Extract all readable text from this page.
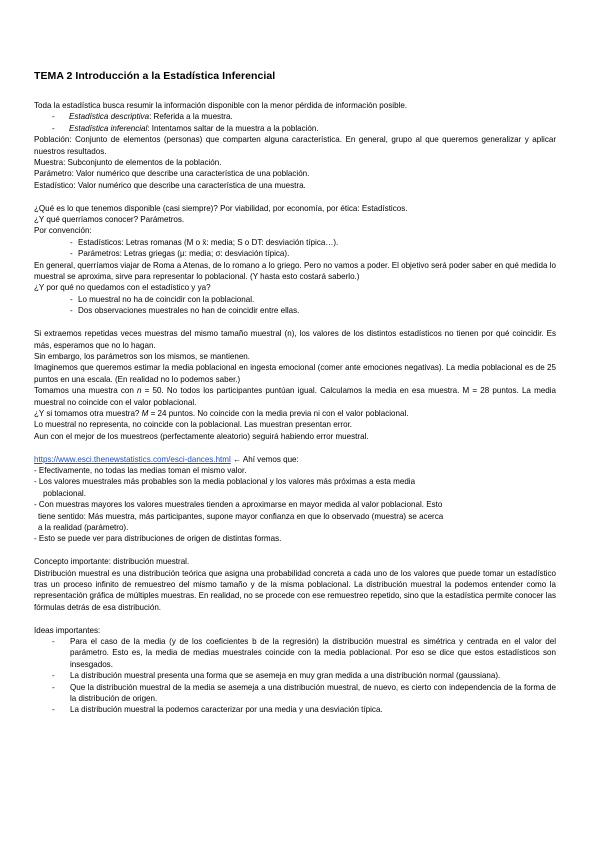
TEMA 2 Introducción a la Estadística Inferencial

Toda la estadística busca resumir la información disponible con la menor pérdida de información posible.

- Estadística descriptiva: Referida a la muestra.

- Estadística inferencial: Intentamos saltar de la muestra a la población.

Población: Conjunto de elementos (personas) que comparten alguna característica. En general, grupo al que queremos generalizar y aplicar nuestros resultados.

Muestra: Subconjunto de elementos de la población.

Parámetro: Valor numérico que describe una característica de una población.

Estadístico: Valor numérico que describe una característica de una muestra.

¿Qué es lo que tenemos disponible (casi siempre)? Por viabilidad, por economía, por ética: Estadísticos.

¿Y qué querríamos conocer? Parámetros.

Por convención:

- Estadísticos: Letras romanas (M o x̄: media; S o DT: desviación típica…).

- Parámetros: Letras griegas (μ: media; σ: desviación típica).

En general, querríamos viajar de Roma a Atenas, de lo romano a lo griego. Pero no vamos a poder. El objetivo será poder saber en qué medida lo muestral se aproxima, sirve para representar lo poblacional. (Y hasta esto costará saberlo.)

¿Y por qué no quedamos con el estadístico y ya?

- Lo muestral no ha de coincidir con la poblacional.

- Dos observaciones muestrales no han de coincidir entre ellas.

Si extraemos repetidas veces muestras del mismo tamaño muestral (n), los valores de los distintos estadísticos no tienen por qué coincidir. Es más, esperamos que no lo hagan.

Sin embargo, los parámetros son los mismos, se mantienen.

Imaginemos que queremos estimar la media poblacional en ingesta emocional (comer ante emociones negativas). La media poblacional es de 25 puntos en una escala. (En realidad no lo podemos saber.)

Tomamos una muestra con n = 50. No todos los participantes puntúan igual. Calculamos la media en esa muestra. M = 28 puntos. La media muestral no coincide con el valor poblacional.

¿Y si tomamos otra muestra? M = 24 puntos. No coincide con la media previa ni con el valor poblacional.

Lo muestral no representa, no coincide con la poblacional. Las muestran presentan error.

Aun con el mejor de los muestreos (perfectamente aleatorio) seguirá habiendo error muestral.

https://www.esci.thenewstatistics.com/esci-dances.html ← Ahí vemos que:

- Efectivamente, no todas las medias toman el mismo valor.

- Los valores muestrales más probables son la media poblacional y los valores más próximas a esta media

poblacional.

- Con muestras mayores los valores muestrales tienden a aproximarse en mayor medida al valor poblacional. Esto

tiene sentido: Más muestra, más participantes, supone mayor confianza en que lo observado (muestra) se acerca

a la realidad (parámetro).

- Esto se puede ver para distribuciones de origen de distintas formas.

Concepto importante: distribución muestral.

Distribución muestral es una distribución teórica que asigna una probabilidad concreta a cada uno de los valores que puede tomar un estadístico tras un proceso infinito de remuestreo del mismo tamaño y de la misma poblacional. La distribución muestral la podemos entender como la representación gráfica de múltiples muestras. En realidad, no se procede con ese remuestreo repetido, sino que la estadística permite conocer las fórmulas detrás de esa distribución.

Ideas importantes:

- Para el caso de la media (y de los coeficientes b de la regresión) la distribución muestral es simétrica y centrada en el valor del parámetro. Esto es, la media de medias muestrales coincide con la media poblacional. Por eso se dice que estos estadísticos son insesgados.

- La distribución muestral presenta una forma que se asemeja en muy gran medida a una distribución normal (gaussiana).

- Que la distribución muestral de la media se asemeja a una distribución muestral, de nuevo, es cierto con independencia de la forma de la distribución de origen.

- La distribución muestral la podemos caracterizar por una media y una desviación típica.
